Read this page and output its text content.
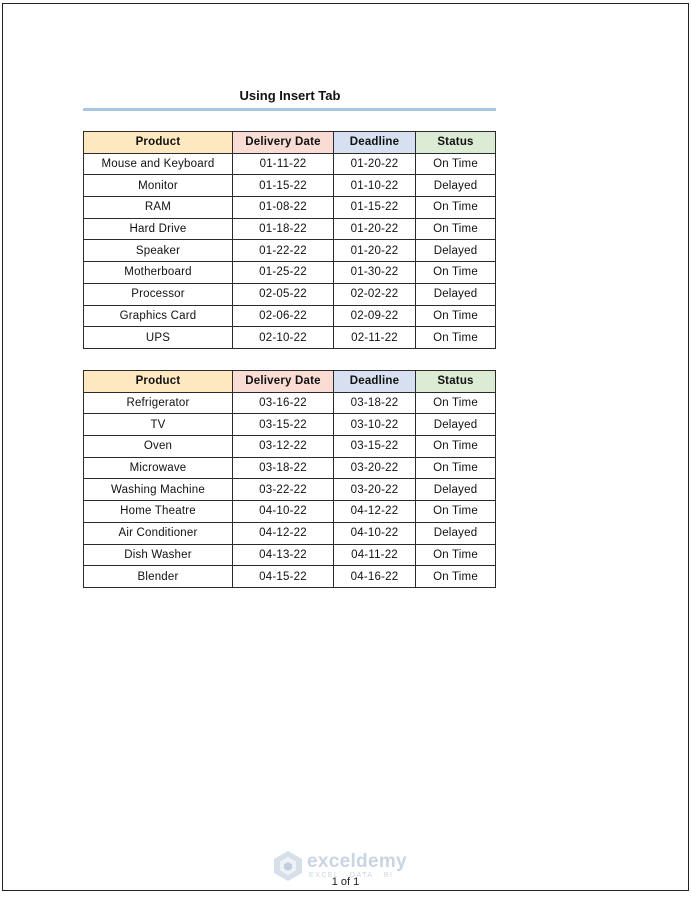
Using Insert Tab
Product	Delivery Date	Deadline	Status
Mouse and Keyboard	01-11-22	01-20-22	On Time
Monitor	01-15-22	01-10-22	Delayed
RAM	01-08-22	01-15-22	On Time
Hard Drive	01-18-22	01-20-22	On Time
Speaker	01-22-22	01-20-22	Delayed
Motherboard	01-25-22	01-30-22	On Time
Processor	02-05-22	02-02-22	Delayed
Graphics Card	02-06-22	02-09-22	On Time
UPS	02-10-22	02-11-22	On Time
Product	Delivery Date	Deadline	Status
Refrigerator	03-16-22	03-18-22	On Time
TV	03-15-22	03-10-22	Delayed
Oven	03-12-22	03-15-22	On Time
Microwave	03-18-22	03-20-22	On Time
Washing Machine	03-22-22	03-20-22	Delayed
Home Theatre	04-10-22	04-12-22	On Time
Air Conditioner	04-12-22	04-10-22	Delayed
Dish Washer	04-13-22	04-11-22	On Time
Blender	04-15-22	04-16-22	On Time
exceldemy
EXCEL · DATA · BI
1 of 1
